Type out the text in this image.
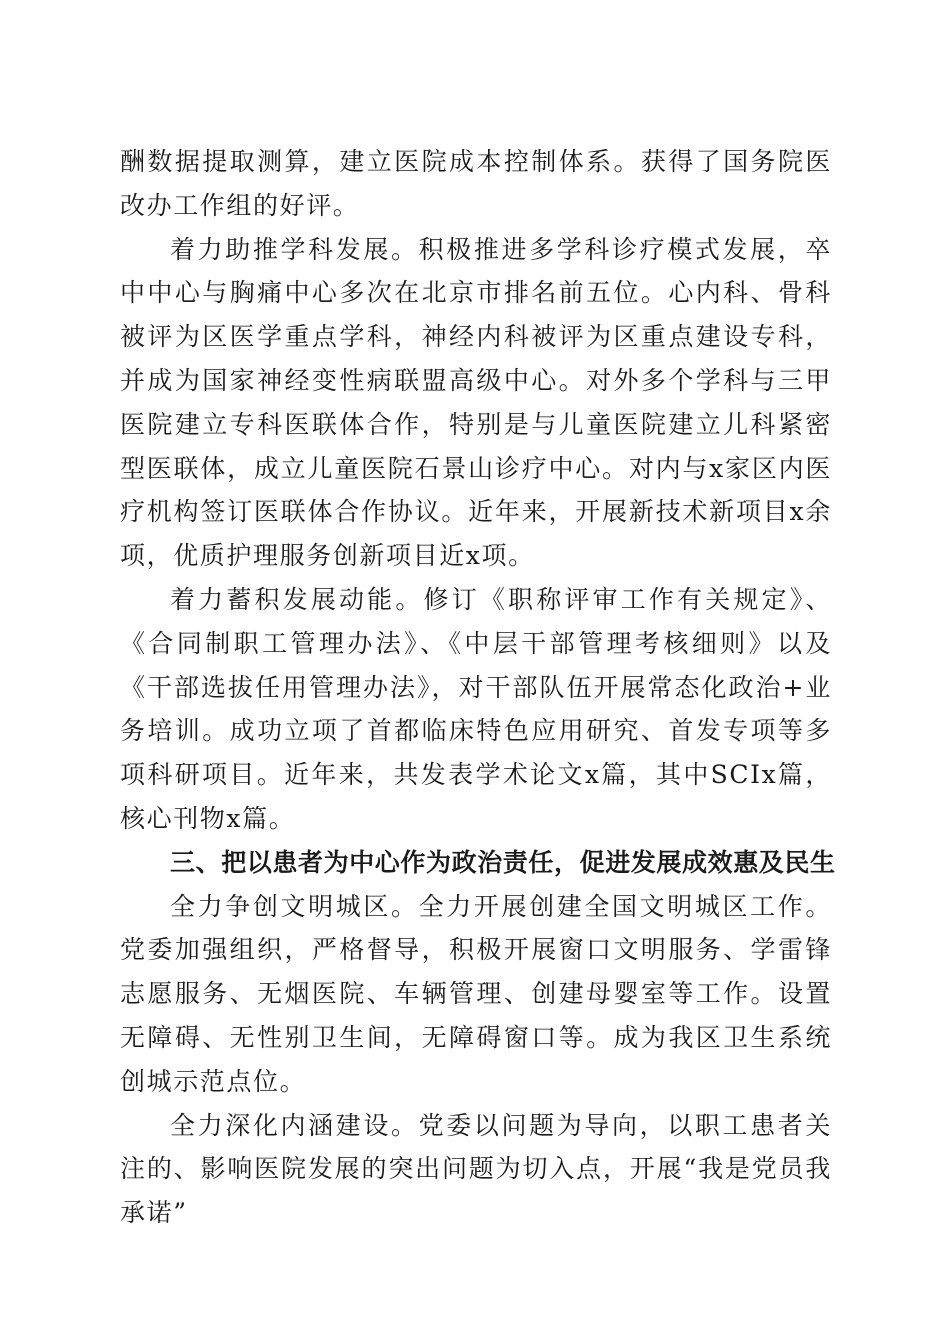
酬数据提取测算，建立医院成本控制体系。获得了国务院医改办工作组的好评。

着力助推学科发展。积极推进多学科诊疗模式发展，卒中中心与胸痛中心多次在北京市排名前五位。心内科、骨科被评为区医学重点学科，神经内科被评为区重点建设专科，并成为国家神经变性病联盟高级中心。对外多个学科与三甲医院建立专科医联体合作，特别是与儿童医院建立儿科紧密型医联体，成立儿童医院石景山诊疗中心。对内与x家区内医疗机构签订医联体合作协议。近年来，开展新技术新项目x余项，优质护理服务创新项目近x项。

着力蓄积发展动能。修订《职称评审工作有关规定》、《合同制职工管理办法》、《中层干部管理考核细则》以及《干部选拔任用管理办法》，对干部队伍开展常态化政治+业务培训。成功立项了首都临床特色应用研究、首发专项等多项科研项目。近年来，共发表学术论文x篇，其中SCIx篇，核心刊物x篇。

三、把以患者为中心作为政治责任，促进发展成效惠及民生

全力争创文明城区。全力开展创建全国文明城区工作。党委加强组织，严格督导，积极开展窗口文明服务、学雷锋志愿服务、无烟医院、车辆管理、创建母婴室等工作。设置无障碍、无性别卫生间，无障碍窗口等。成为我区卫生系统创城示范点位。

全力深化内涵建设。党委以问题为导向，以职工患者关注的、影响医院发展的突出问题为切入点，开展“我是党员我承诺”
